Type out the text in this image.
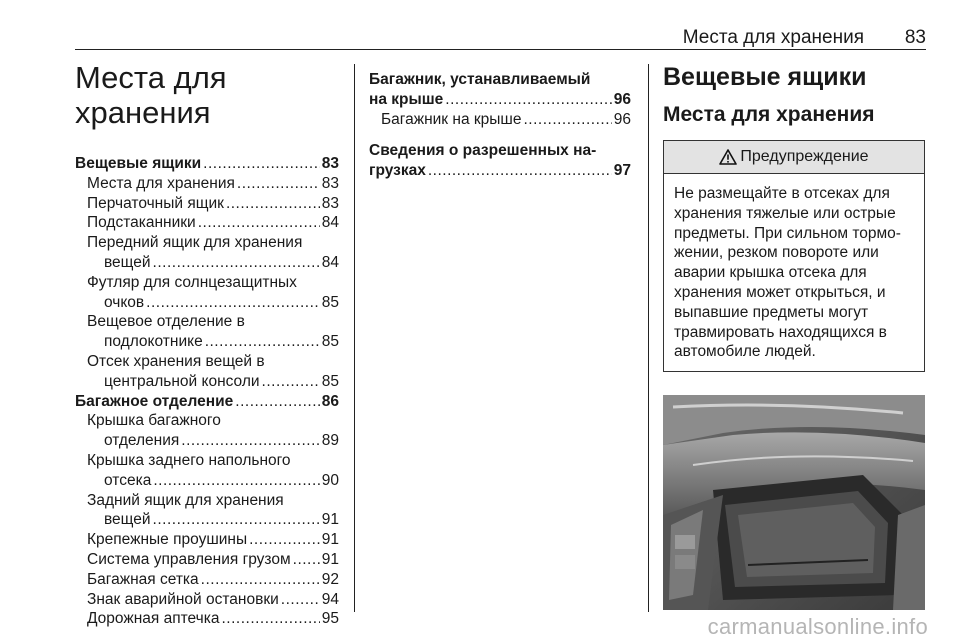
Места для хранения 83
Места для
хранения
Вещевые ящики .....	83
Места для хранения .....	83
Перчаточный ящик .....	83
Подстаканники .....	84
Передний ящик для хранения
вещей .....	84
Футляр для солнцезащитных
очков .....	85
Вещевое отделение в
подлокотнике .....	85
Отсек хранения вещей в
центральной консоли .....	85
Багажное отделение .....	86
Крышка багажного
отделения .....	89
Крышка заднего напольного
отсека .....	90
Задний ящик для хранения
вещей .....	91
Крепежные проушины .....	91
Система управления грузом ..... 91
Багажная сетка .....	92
Знак аварийной остановки .....	94
Дорожная аптечка .....	95
Багажник, устанавливаемый
на крыше .....	96
Багажник на крыше .....	96
Сведения о разрешенных на-
грузках .....	97
Вещевые ящики
Места для хранения
Предупреждение
Не размещайте в отсеках для хранения тяжелые или острые предметы. При сильном тормо-жении, резком повороте или аварии крышка отсека для хранения может открыться, и выпавшие предметы могут травмировать находящихся в автомобиле людей.
carmanualsonline.info
